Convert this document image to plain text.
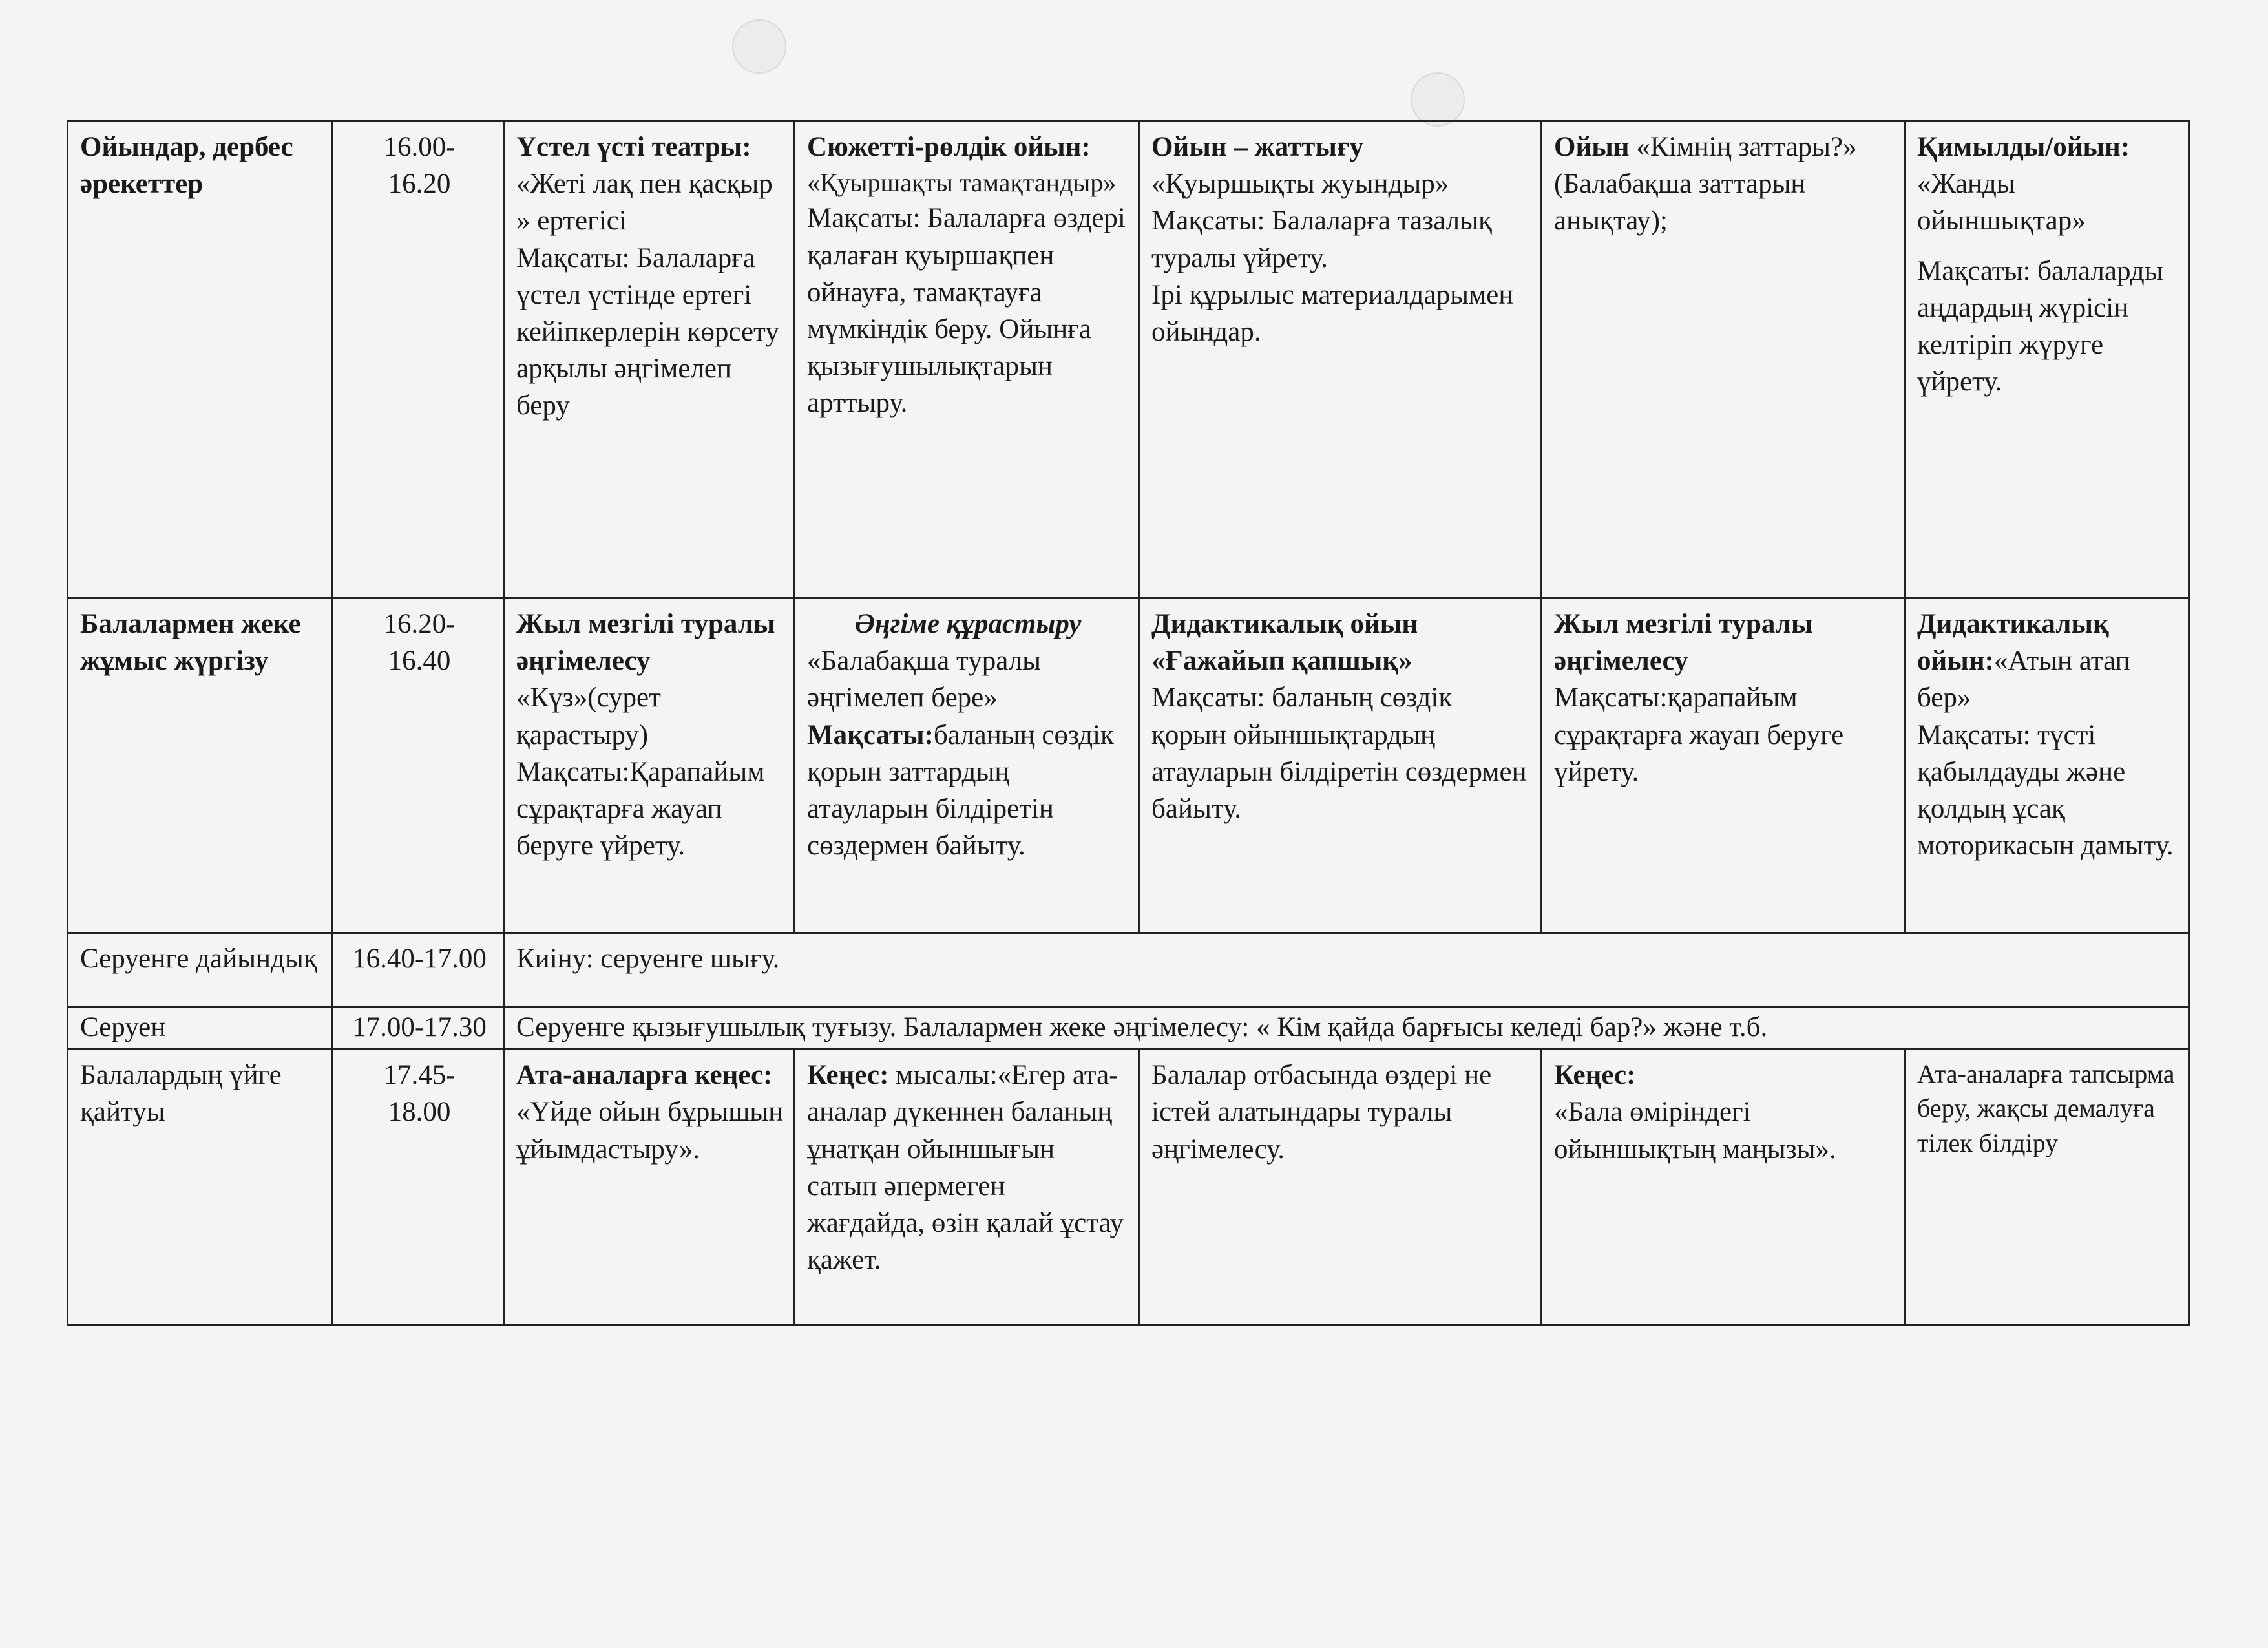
Ойындар, дербес әрекеттер	16.00-
16.20	Үстел үсті театры:
«Жеті лақ пен қасқыр » ертегісі
Мақсаты: Балаларға үстел үстінде ертегі кейіпкерлерін көрсету арқылы әңгімелеп беру	Сюжетті-рөлдік ойын:
«Қуыршақты тамақтандыр»
Мақсаты: Балаларға өздері қалаған қуыршақпен ойнауға, тамақтауға мүмкіндік беру. Ойынға қызығушылықтарын арттыру.	Ойын – жаттығу
«Қуыршықты жуындыр» Мақсаты: Балаларға тазалық туралы үйрету.
Ірі құрылыс материалдарымен ойындар.	Ойын «Кімнің заттары?» (Балабақша заттарын анықтау);	Қимылды/ойын:
«Жанды ойыншықтар»
Мақсаты: балаларды аңдардың жүрісін келтіріп жүруге үйрету.

Балалармен жеке жұмыс жүргізу	16.20-
16.40	Жыл мезгілі туралы әңгімелесу
«Күз»(сурет қарастыру)
Мақсаты:Қарапайым сұрақтарға жауап беруге үйрету.	Әңгіме құрастыру
«Балабақша туралы әңгімелеп бере»
Мақсаты:баланың сөздік қорын заттардың атауларын білдіретін сөздермен байыту.	Дидактикалық ойын «Ғажайып қапшық»
Мақсаты: баланың сөздік қорын ойыншықтардың атауларын білдіретін сөздермен байыту.	Жыл мезгілі туралы әңгімелесу
Мақсаты:қарапайым сұрақтарға жауап беруге үйрету.	Дидактикалық ойын:«Атын атап бер»
Мақсаты: түсті қабылдауды және қолдың ұсақ моторикасын дамыту.

Серуенге дайындық	16.40-17.00	Киіну: серуенге шығу.				
Серуен	17.00-17.30	Серуенге қызығушылық туғызу. Балалармен жеке әңгімелесу: « Кім қайда барғысы келеді бар?» және т.б.				
Балалардың үйге қайтуы	17.45-
18.00	Ата-аналарға кеңес:
«Үйде ойын бұрышын ұйымдастыру».	Кеңес: мысалы:«Егер ата-аналар дүкеннен баланың ұнатқан ойыншығын сатып әпермеген жағдайда, өзін қалай ұстау қажет.	Балалар отбасында өздері не істей алатындары туралы әңгімелесу.	Кеңес:
«Бала өміріндегі ойыншықтың маңызы».	Ата-аналарға тапсырма беру, жақсы демалуға тілек білдіру
